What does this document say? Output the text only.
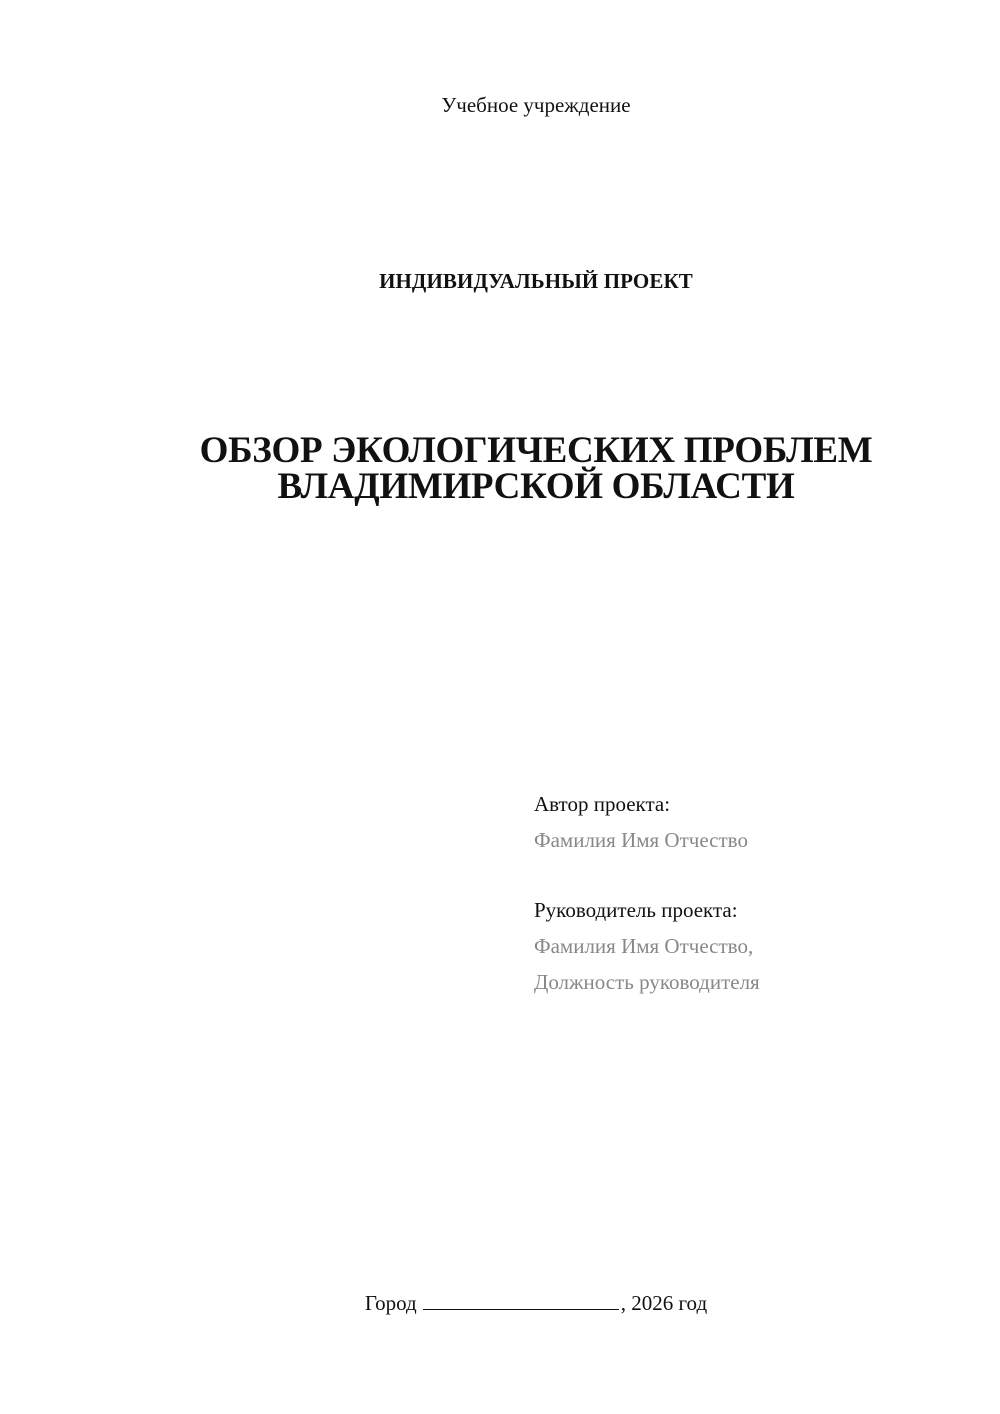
Учебное учреждение
ИНДИВИДУАЛЬНЫЙ ПРОЕКТ
ОБЗОР ЭКОЛОГИЧЕСКИХ ПРОБЛЕМ
ВЛАДИМИРСКОЙ ОБЛАСТИ
Автор проекта:
Фамилия Имя Отчество
Руководитель проекта:
Фамилия Имя Отчество,
Должность руководителя
Город	, 2026 год
